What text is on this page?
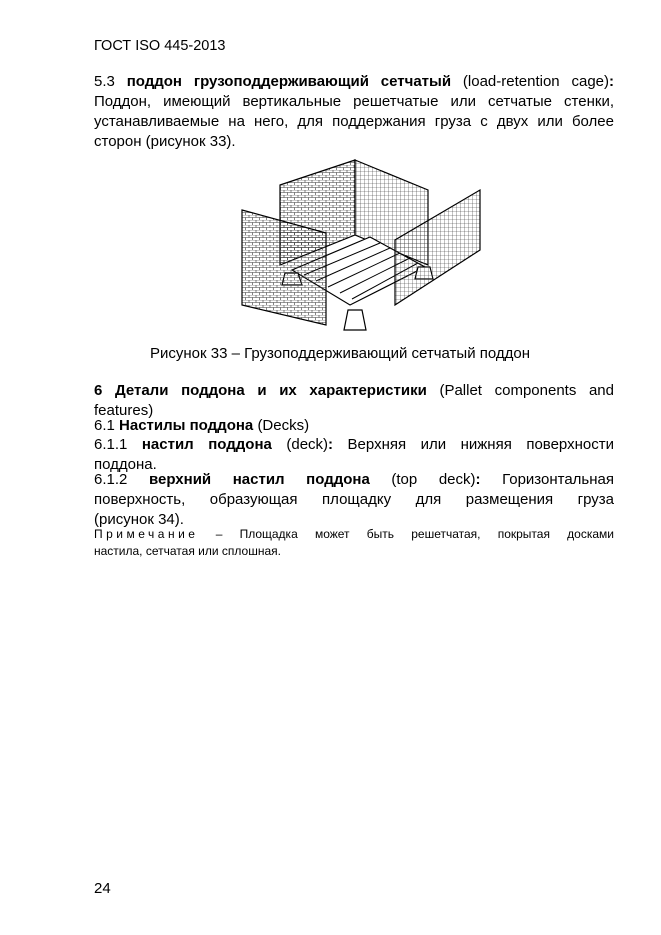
ГОСТ ISO 445-2013
5.3 поддон грузоподдерживающий сетчатый (load-retention cage):
Поддон, имеющий вертикальные решетчатые или сетчатые стенки,
устанавливаемые на него, для поддержания груза с двух или более
сторон (рисунок 33).
Рисунок 33 – Грузоподдерживающий сетчатый поддон
6 Детали поддона и их характеристики (Pallet components and
features)
6.1 Настилы поддона (Decks)
6.1.1 настил поддона (deck): Верхняя или нижняя поверхности
поддона.
6.1.2 верхний настил поддона (top deck): Горизонтальная
поверхность, образующая площадку для размещения груза
(рисунок 34).
Примечание – Площадка может быть решетчатая, покрытая досками
настила, сетчатая или сплошная.
24
